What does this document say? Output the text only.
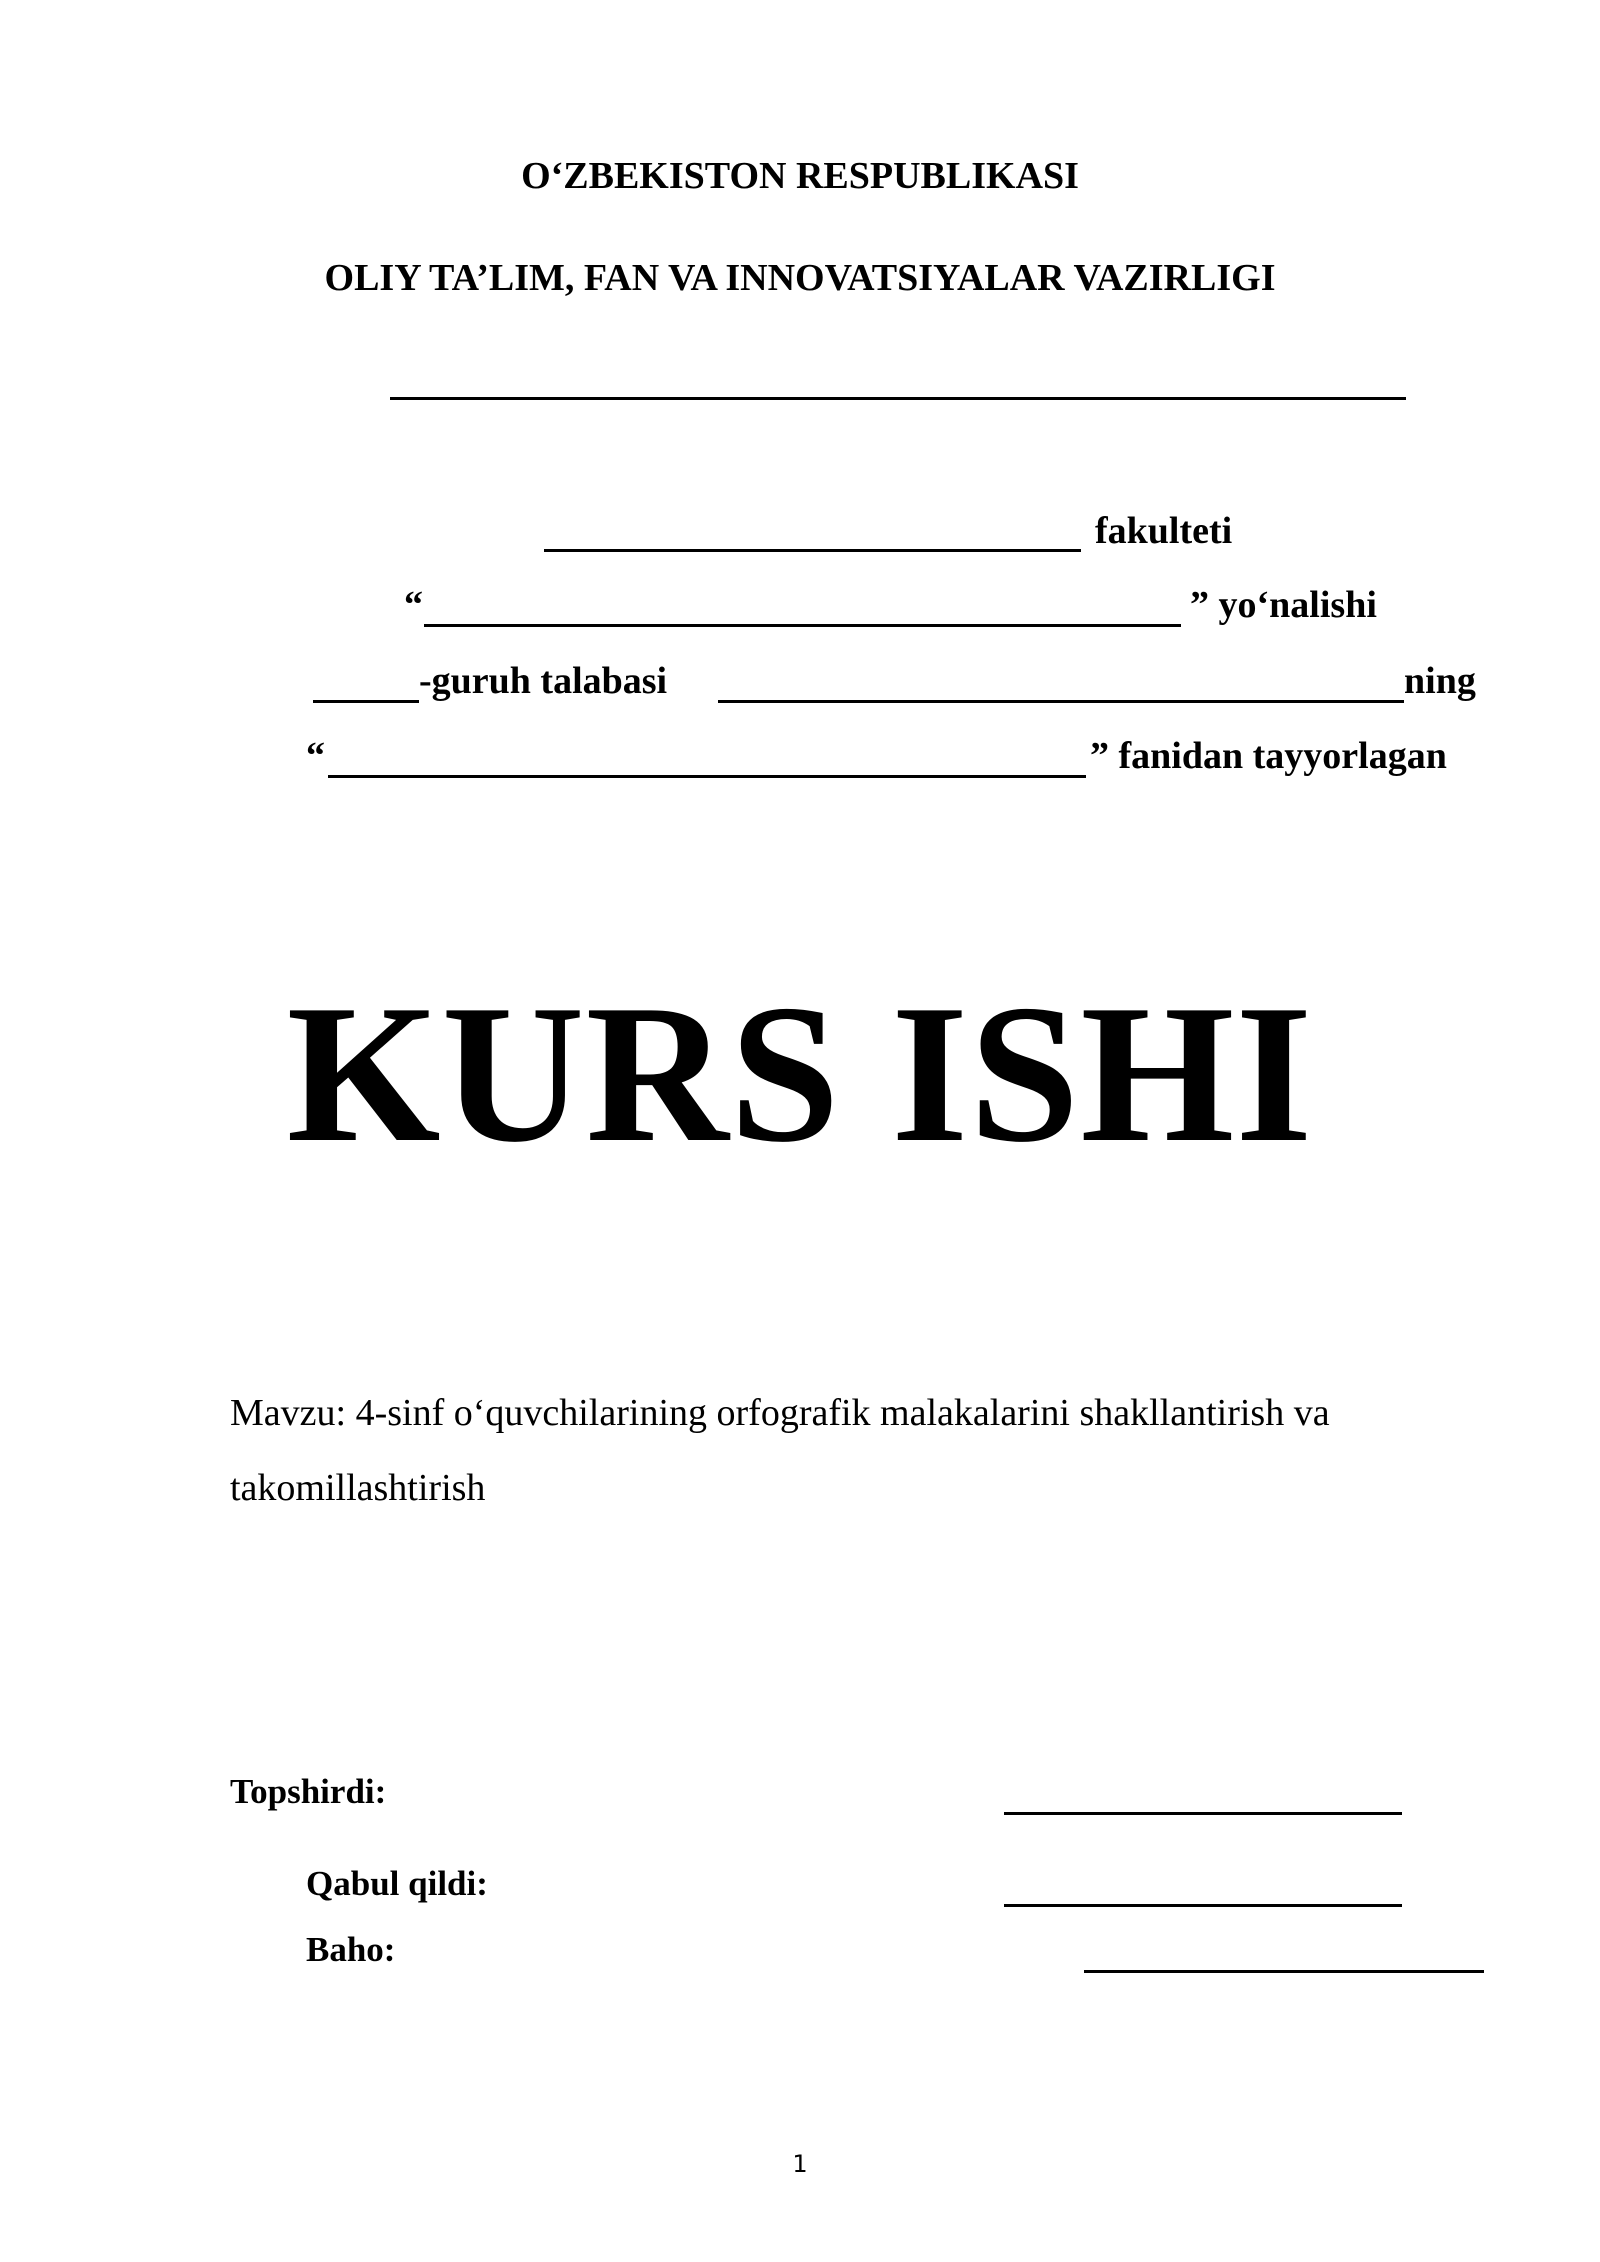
O‘ZBEKISTON RESPUBLIKASI
OLIY TA’LIM, FAN VA INNOVATSIYALAR VAZIRLIGI
fakulteti
“	” yo‘nalishi
-guruh talabasi	ning
“	” fanidan tayyorlagan
KURS ISHI
Mavzu: 4-sinf o‘quvchilarining orfografik malakalarini shakllantirish va
takomillashtirish
Topshirdi:
Qabul qildi:
Baho:
1
